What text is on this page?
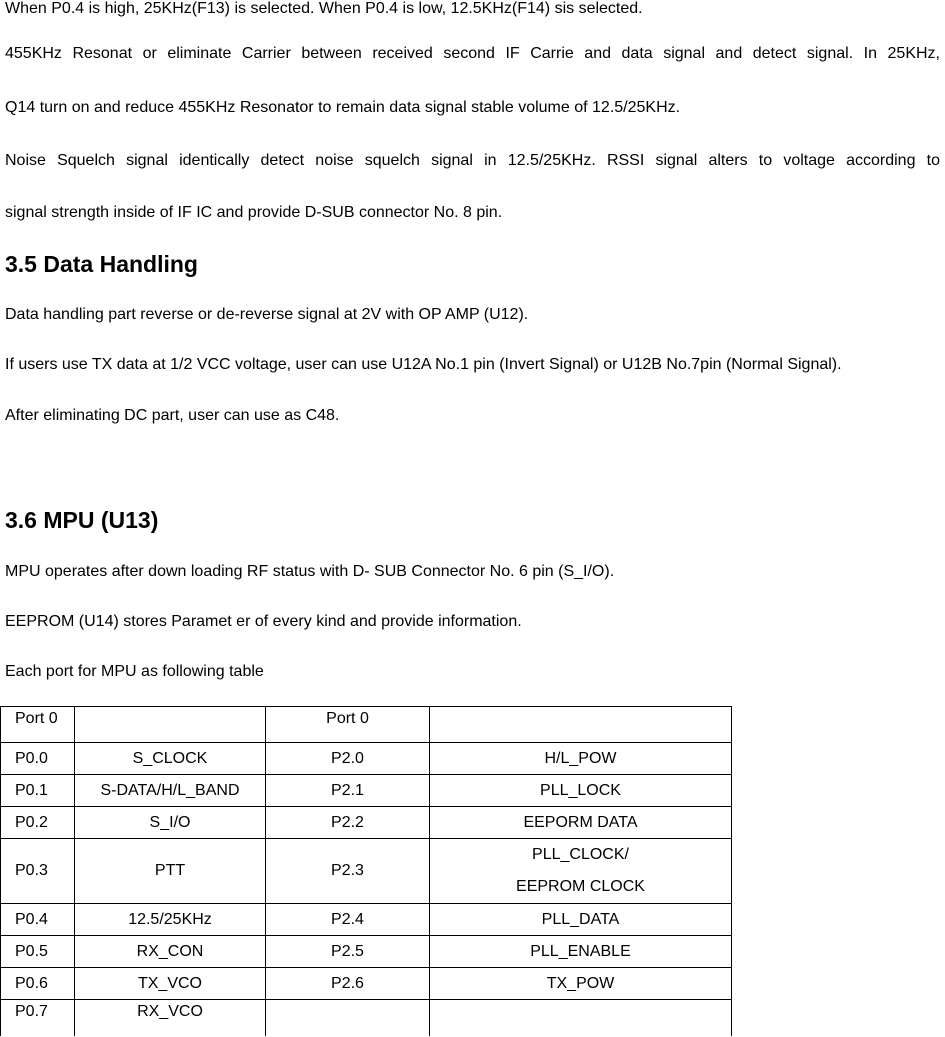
When P0.4 is high, 25KHz(F13) is selected. When P0.4 is low, 12.5KHz(F14) sis selected.
455KHz Resonat or eliminate Carrier between received second IF Carrie and data signal and detect signal. In 25KHz,
Q14 turn on and reduce 455KHz Resonator to remain data signal stable volume of 12.5/25KHz.
Noise Squelch signal identically detect noise squelch signal in 12.5/25KHz. RSSI signal alters to voltage according to
signal strength inside of IF IC and provide D-SUB connector No. 8 pin.
3.5 Data Handling
Data handling part reverse or de-reverse signal at 2V with OP AMP (U12).
If users use TX data at 1/2 VCC voltage, user can use U12A No.1 pin (Invert Signal) or U12B No.7pin (Normal Signal).
After eliminating DC part, user can use as C48.
3.6 MPU (U13)
MPU operates after down loading RF status with D- SUB Connector No. 6 pin (S_I/O).
EEPROM (U14) stores Paramet er of every kind and provide information.
Each port for MPU as following table
Port 0		Port 0	
P0.0	S_CLOCK	P2.0	H/L_POW
P0.1	S-DATA/H/L_BAND	P2.1	PLL_LOCK
P0.2	S_I/O	P2.2	EEPORM DATA
P0.3	PTT	P2.3	PLL_CLOCK/
EEPROM CLOCK

P0.4	12.5/25KHz	P2.4	PLL_DATA
P0.5	RX_CON	P2.5	PLL_ENABLE
P0.6	TX_VCO	P2.6	TX_POW
P0.7	RX_VCO		
